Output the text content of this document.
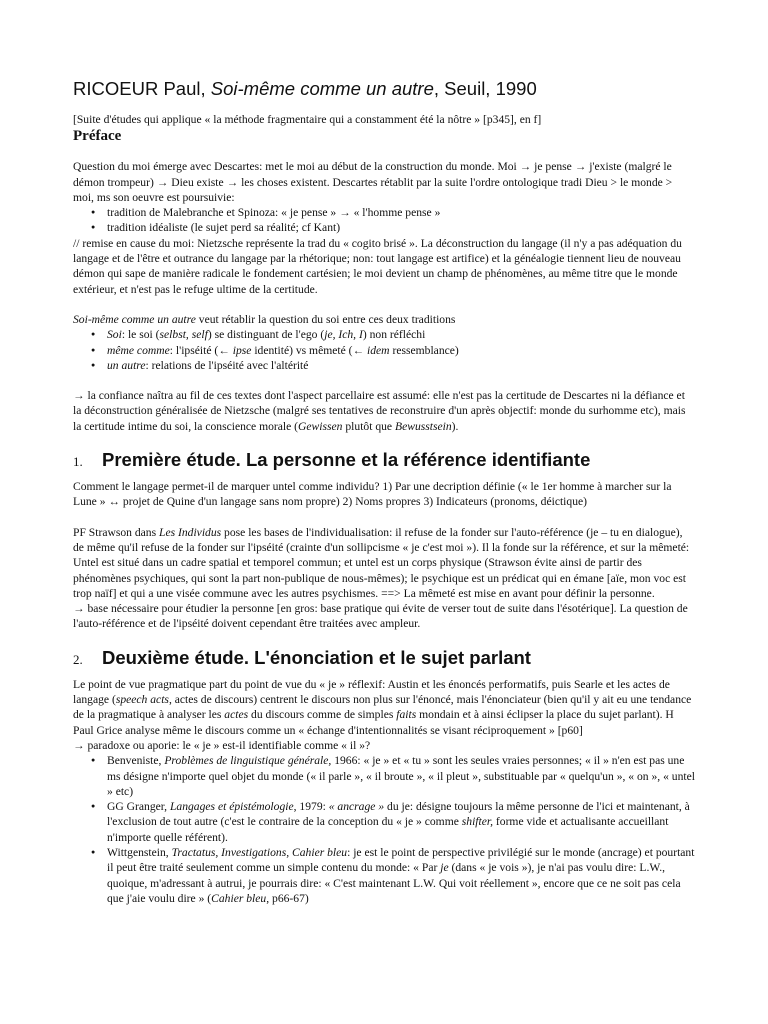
RICOEUR Paul, Soi-même comme un autre, Seuil, 1990

[Suite d'études qui applique « la méthode fragmentaire qui a constamment été la nôtre » [p345], en f]

Préface

Question du moi émerge avec Descartes: met le moi au début de la construction du monde. Moi → je pense → j'existe (malgré le démon trompeur) → Dieu existe → les choses existent. Descartes rétablit par la suite l'ordre ontologique tradi Dieu > le monde > moi, ms son oeuvre est poursuivie:

● tradition de Malebranche et Spinoza: « je pense » → « l'homme pense »
● tradition idéaliste (le sujet perd sa réalité; cf Kant)

// remise en cause du moi: Nietzsche représente la trad du « cogito brisé ». La déconstruction du langage (il n'y a pas adéquation du langage et de l'être et outrance du langage par la rhétorique; non: tout langage est artifice) et la généalogie tiennent lieu de nouveau démon qui sape de manière radicale le fondement cartésien; le moi devient un champ de phénomènes, au même titre que le monde extérieur, et n'est pas le refuge ultime de la certitude.

Soi-même comme un autre veut rétablir la question du soi entre ces deux traditions

● Soi: le soi (selbst, self) se distinguant de l'ego (je, Ich, I) non réfléchi
● même comme: l'ipséité (← ipse identité) vs mêmeté (← idem ressemblance)
● un autre: relations de l'ipséité avec l'altérité

→ la confiance naîtra au fil de ces textes dont l'aspect parcellaire est assumé: elle n'est pas la certitude de Descartes ni la défiance et la déconstruction généralisée de Nietzsche (malgré ses tentatives de reconstruire d'un après objectif: monde du surhomme etc), mais la certitude intime du soi, la conscience morale (Gewissen plutôt que Bewusstsein).

1.	Première étude. La personne et la référence identifiante

Comment le langage permet-il de marquer untel comme individu? 1) Par une decription définie (« le 1er homme à marcher sur la Lune » ↔ projet de Quine d'un langage sans nom propre) 2) Noms propres 3) Indicateurs (pronoms, déictique)

PF Strawson dans Les Individus pose les bases de l'individualisation: il refuse de la fonder sur l'auto-référence (je – tu en dialogue), de même qu'il refuse de la fonder sur l'ipséité (crainte d'un sollipcisme « je c'est moi »). Il la fonde sur la référence, et sur la mêmeté: Untel est situé dans un cadre spatial et temporel commun; et untel est un corps physique (Strawson évite ainsi de partir des phénomènes psychiques, qui sont la part non-publique de nous-mêmes); le psychique est un prédicat qui en émane [aïe, mon voc est trop naïf] et qui a une visée commune avec les autres psychismes. ==> La mêmeté est mise en avant pour définir la personne.

→ base nécessaire pour étudier la personne [en gros: base pratique qui évite de verser tout de suite dans l'ésotérique]. La question de l'auto-référence et de l'ipséité doivent cependant être traitées avec ampleur.

2.	Deuxième étude. L'énonciation et le sujet parlant

Le point de vue pragmatique part du point de vue du « je » réflexif: Austin et les énoncés performatifs, puis Searle et les actes de langage (speech acts, actes de discours) centrent le discours non plus sur l'énoncé, mais l'énonciateur (bien qu'il y ait eu une tendance de la pragmatique à analyser les actes du discours comme de simples faits mondain et à ainsi éclipser la place du sujet parlant). H Paul Grice analyse même le discours comme un « échange d'intentionnalités se visant réciproquement » [p60]

→ paradoxe ou aporie: le « je » est-il identifiable comme « il »?

● Benveniste, Problèmes de linguistique générale, 1966: « je » et « tu » sont les seules vraies personnes; « il » n'en est pas une ms désigne n'importe quel objet du monde (« il parle », « il broute », « il pleut », substituable par « quelqu'un », « on », « untel » etc)
● GG Granger, Langages et épistémologie, 1979: « ancrage » du je: désigne toujours la même personne de l'ici et maintenant, à l'exclusion de tout autre (c'est le contraire de la conception du « je » comme shifter, forme vide et actualisante accueillant n'importe quelle référent).
● Wittgenstein, Tractatus, Investigations, Cahier bleu: je est le point de perspective privilégié sur le monde (ancrage) et pourtant il peut être traité seulement comme un simple contenu du monde: « Par je (dans « je vois »), je n'ai pas voulu dire: L.W., quoique, m'adressant à autrui, je pourrais dire: « C'est maintenant L.W. Qui voit réellement », encore que ce ne soit pas cela que j'aie voulu dire » (Cahier bleu, p66-67)
